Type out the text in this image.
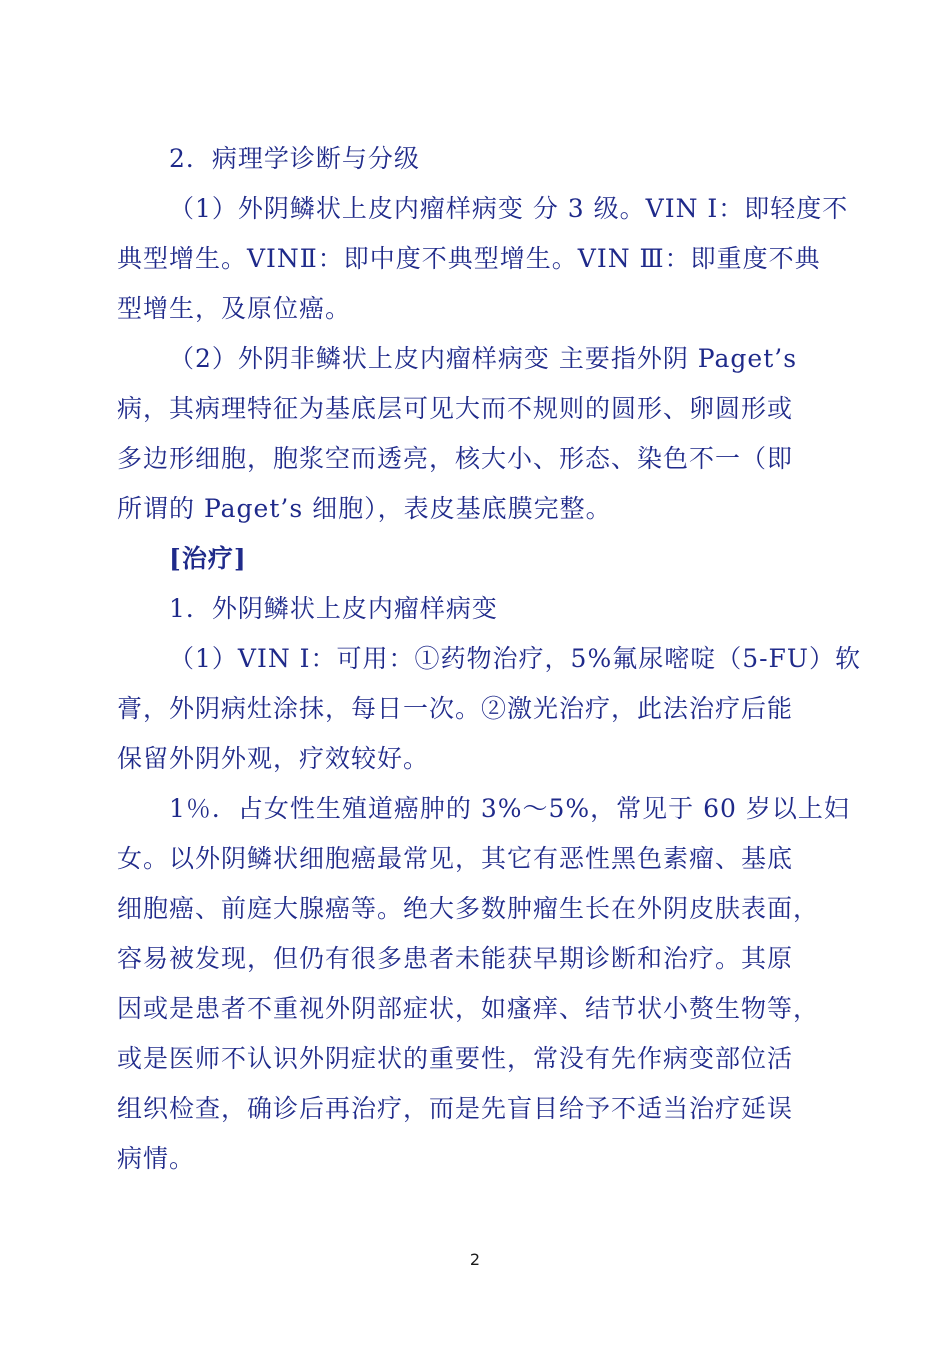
2．病理学诊断与分级
（1）外阴鳞状上皮内瘤样病变 分 3 级。VIN I：即轻度不
典型增生。VINⅡ：即中度不典型增生。VIN Ⅲ：即重度不典
型增生，及原位癌。
（2）外阴非鳞状上皮内瘤样病变 主要指外阴 Paget’s
病，其病理特征为基底层可见大而不规则的圆形、卵圆形或
多边形细胞，胞浆空而透亮，核大小、形态、染色不一（即
所谓的 Paget’s 细胞），表皮基底膜完整。
[治疗]
1．外阴鳞状上皮内瘤样病变
（1）VIN I：可用：①药物治疗，5%氟尿嘧啶（5-FU）软
膏，外阴病灶涂抹，每日一次。②激光治疗，此法治疗后能
保留外阴外观，疗效较好。
1％．占女性生殖道癌肿的 3%～5%，常见于 60 岁以上妇
女。以外阴鳞状细胞癌最常见，其它有恶性黑色素瘤、基底
细胞癌、前庭大腺癌等。绝大多数肿瘤生长在外阴皮肤表面，
容易被发现，但仍有很多患者未能获早期诊断和治疗。其原
因或是患者不重视外阴部症状，如瘙痒、结节状小赘生物等，
或是医师不认识外阴症状的重要性，常没有先作病变部位活
组织检查，确诊后再治疗，而是先盲目给予不适当治疗延误
病情。
2
